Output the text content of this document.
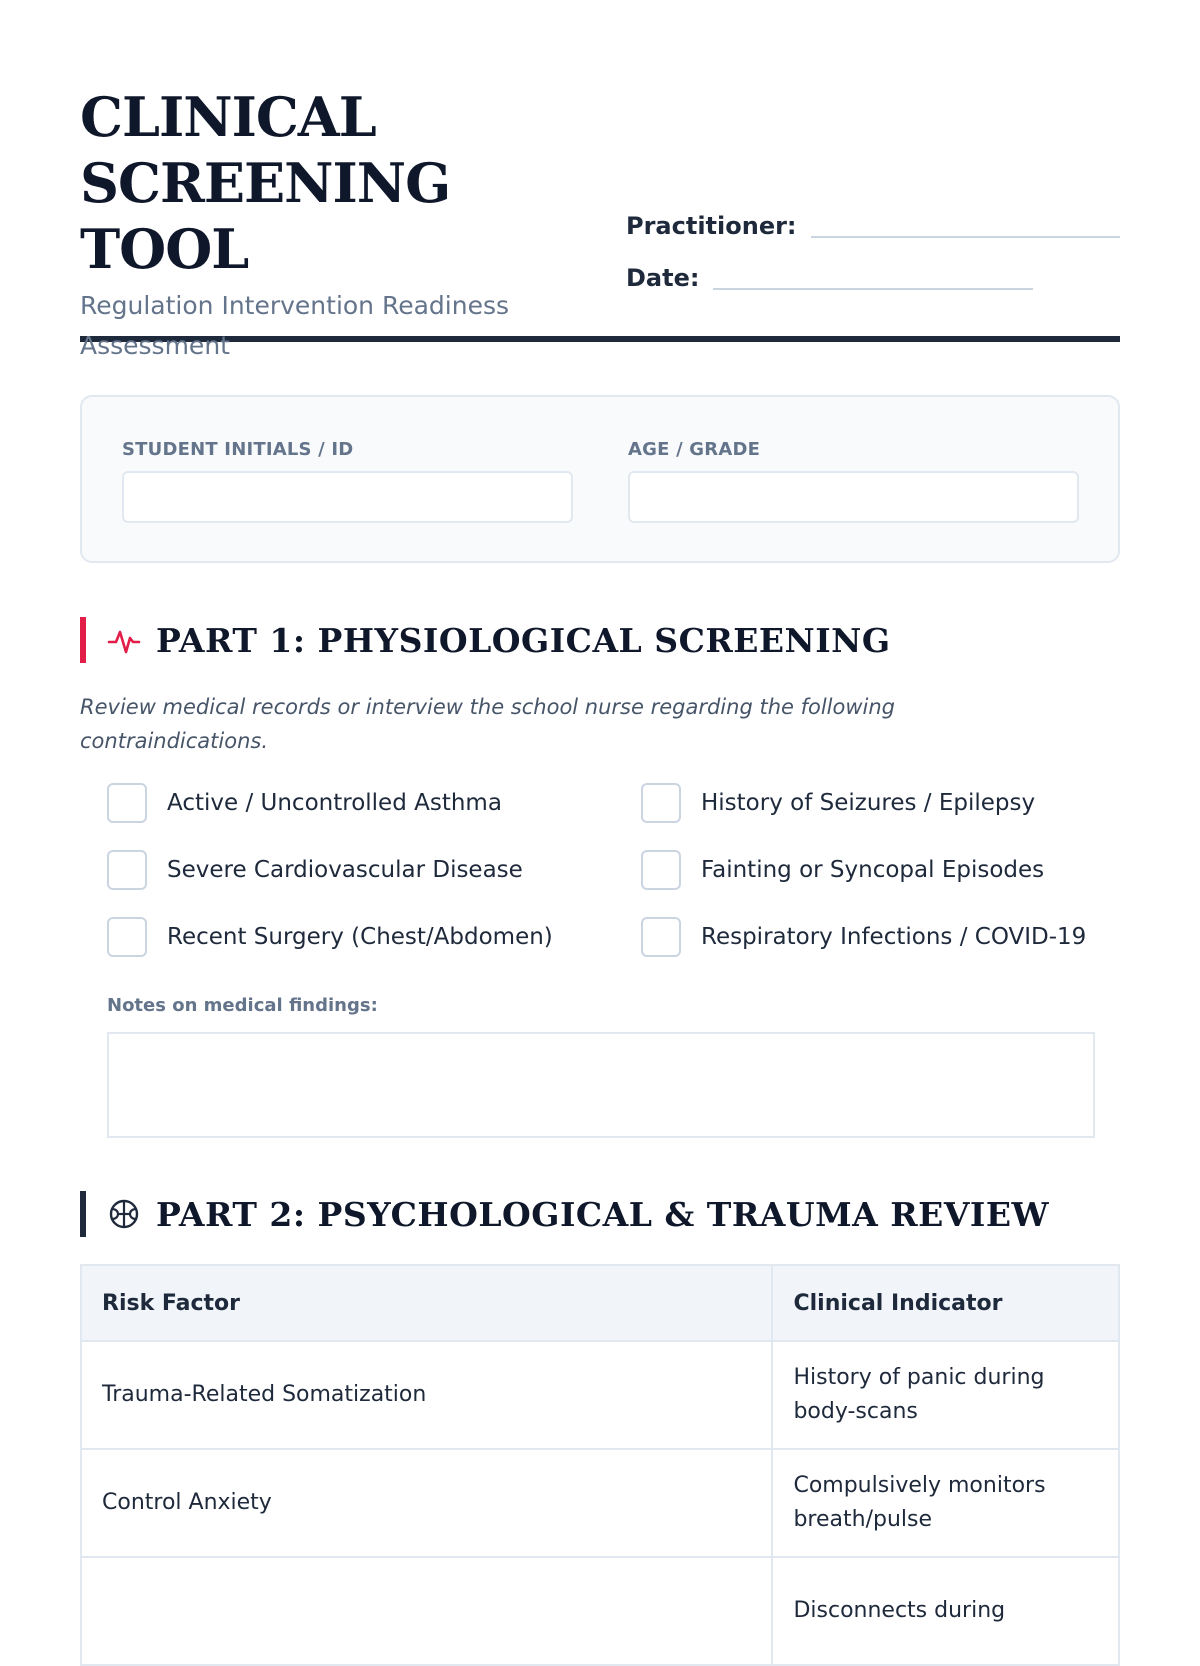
CLINICAL
SCREENING TOOL
Regulation Intervention Readiness Assessment
Practitioner:
Date:
STUDENT INITIALS / ID	AGE / GRADE
PART 1: PHYSIOLOGICAL SCREENING
Review medical records or interview the school nurse regarding the following contraindications.
Active / Uncontrolled Asthma	History of Seizures / Epilepsy
Severe Cardiovascular Disease	Fainting or Syncopal Episodes
Recent Surgery (Chest/Abdomen)	Respiratory Infections / COVID-19
Notes on medical findings:
PART 2: PSYCHOLOGICAL & TRAUMA REVIEW
Risk Factor	Clinical Indicator
Trauma-Related Somatization	History of panic during body-scans
Control Anxiety	Compulsively monitors breath/pulse
	Disconnects during
